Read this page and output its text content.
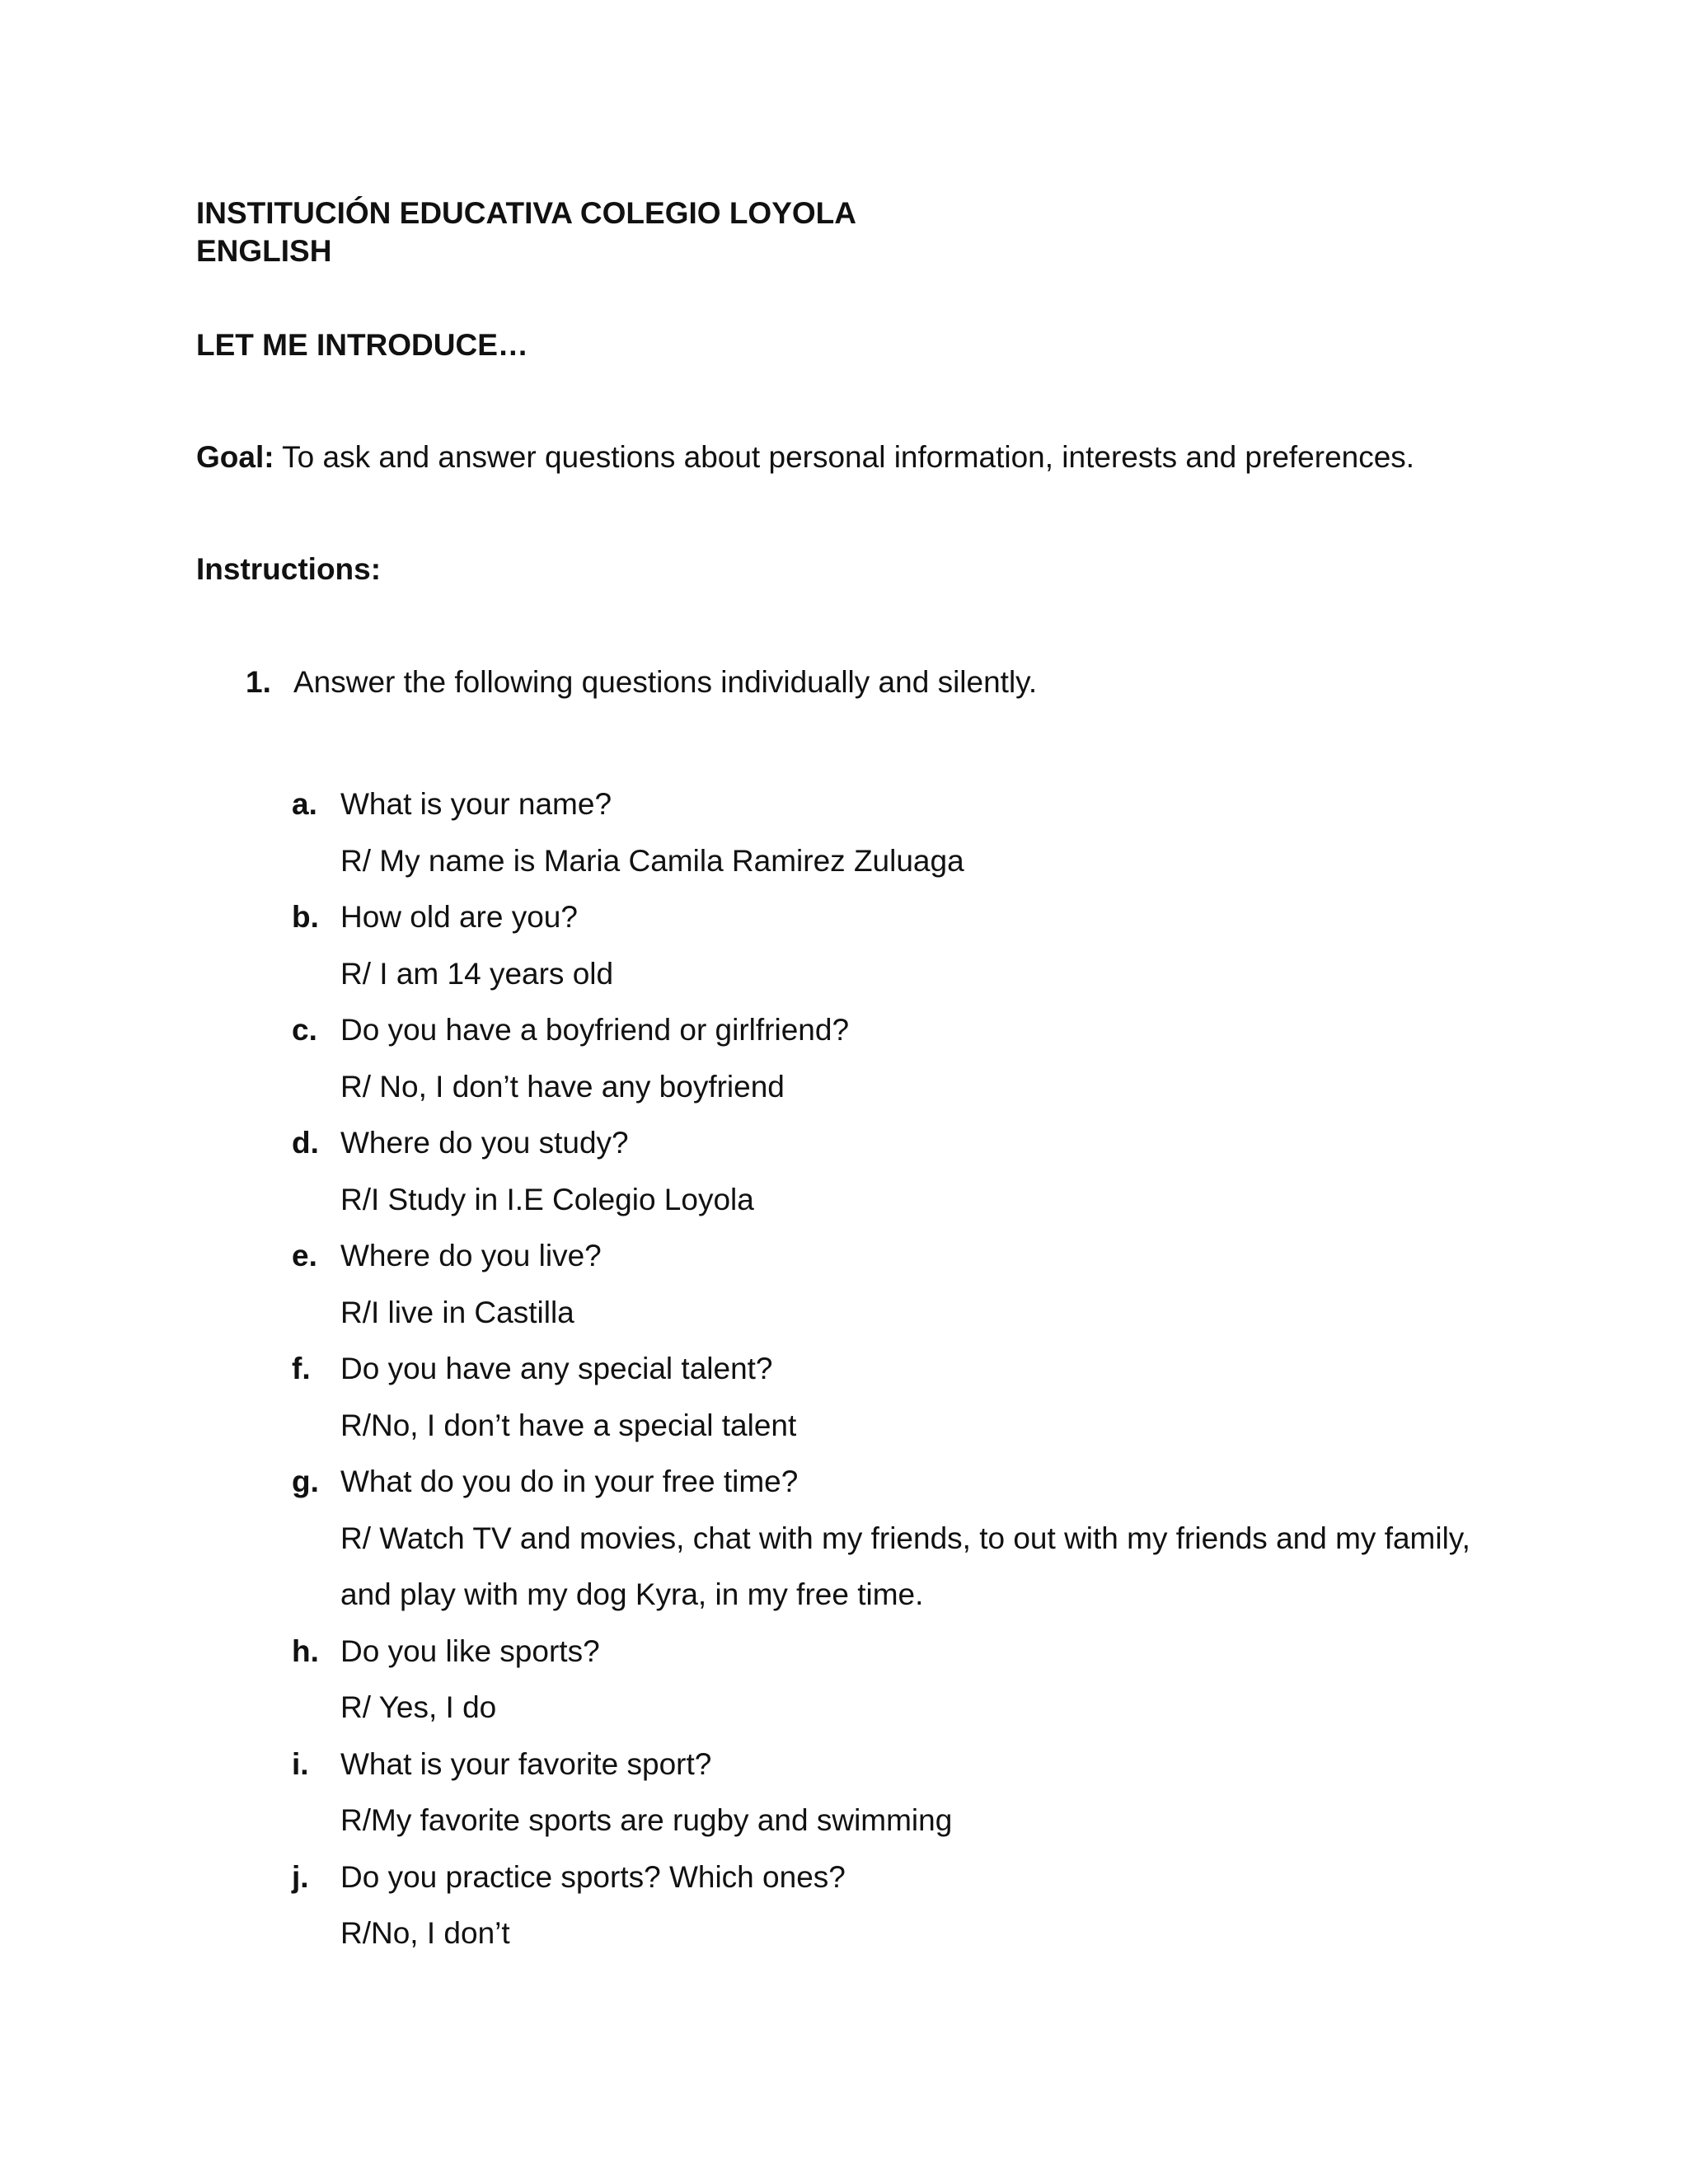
INSTITUCIÓN EDUCATIVA COLEGIO LOYOLA

ENGLISH

LET ME INTRODUCE…

Goal: To ask and answer questions about personal information, interests and preferences.

Instructions:

1. Answer the following questions individually and silently.
a. What is your name?
R/ My name is Maria Camila Ramirez Zuluaga
b. How old are you?
R/ I am 14 years old
c. Do you have a boyfriend or girlfriend?
R/ No, I don’t have any boyfriend
d. Where do you study?
R/I Study in I.E Colegio Loyola
e. Where do you live?
R/I live in Castilla
f. Do you have any special talent?
R/No, I don’t have a special talent
g. What do you do in your free time?
R/ Watch TV and movies, chat with my friends, to out with my friends and my family,
and play with my dog Kyra, in my free time.
h. Do you like sports?
R/ Yes, I do
i. What is your favorite sport?
R/My favorite sports are rugby and swimming
j. Do you practice sports? Which ones?
R/No, I don’t
